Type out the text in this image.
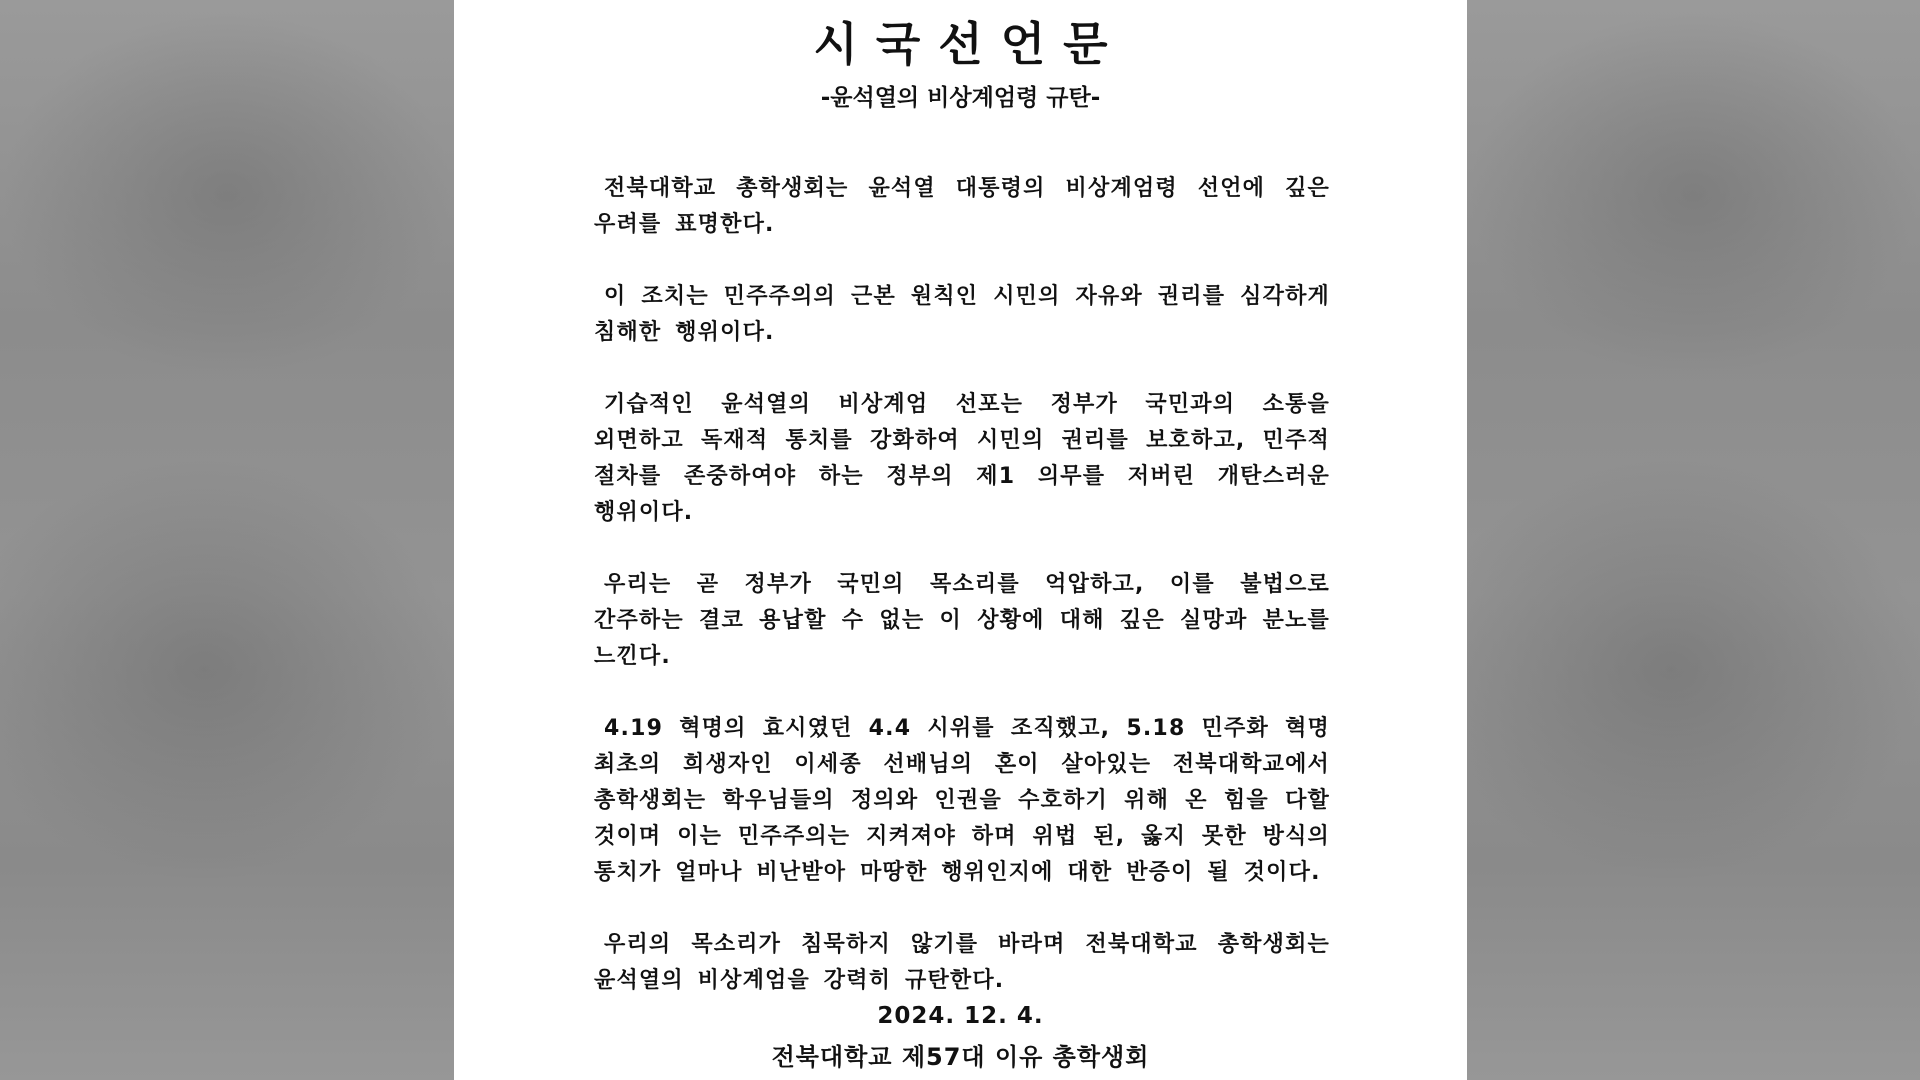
시국선언문
-윤석열의 비상계엄령 규탄-

전북대학교 총학생회는 윤석열 대통령의 비상계엄령 선언에 깊은 우려를 표명한다.

이 조치는 민주주의의 근본 원칙인 시민의 자유와 권리를 심각하게 침해한 행위이다.

기습적인 윤석열의 비상계엄 선포는 정부가 국민과의 소통을 외면하고 독재적 통치를 강화하여 시민의 권리를 보호하고, 민주적 절차를 존중하여야 하는 정부의 제1 의무를 저버린 개탄스러운 행위이다.

우리는 곧 정부가 국민의 목소리를 억압하고, 이를 불법으로 간주하는 결코 용납할 수 없는 이 상황에 대해 깊은 실망과 분노를 느낀다.

4.19 혁명의 효시였던 4.4 시위를 조직했고, 5.18 민주화 혁명 최초의 희생자인 이세종 선배님의 혼이 살아있는 전북대학교에서 총학생회는 학우님들의 정의와 인권을 수호하기 위해 온 힘을 다할 것이며 이는 민주주의는 지켜져야 하며 위법 된, 옳지 못한 방식의 통치가 얼마나 비난받아 마땅한 행위인지에 대한 반증이 될 것이다.

우리의 목소리가 침묵하지 않기를 바라며 전북대학교 총학생회는 윤석열의 비상계엄을 강력히 규탄한다.

2024. 12. 4.
전북대학교 제57대 이유 총학생회
